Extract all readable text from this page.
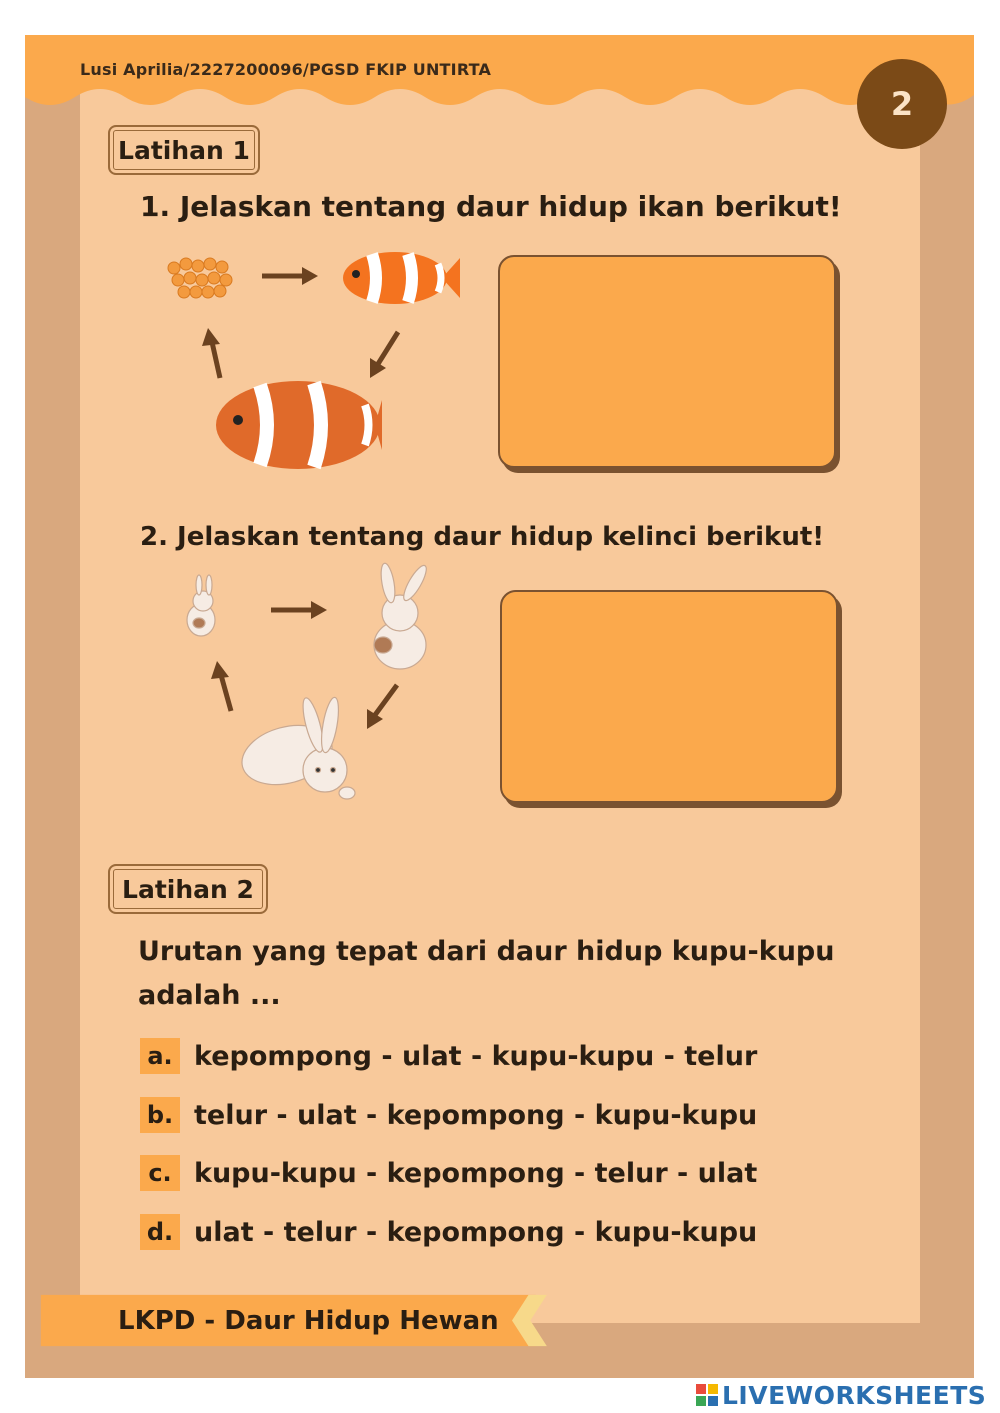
Lusi Aprilia/2227200096/PGSD FKIP UNTIRTA
2
Latihan 1
1. Jelaskan tentang daur hidup ikan berikut!
2. Jelaskan tentang daur hidup kelinci berikut!
Latihan 2
Urutan yang tepat dari daur hidup kupu-kupu
adalah ...
a. kepompong - ulat - kupu-kupu - telur
b. telur - ulat - kepompong - kupu-kupu
c. kupu-kupu - kepompong - telur - ulat
d. ulat - telur - kepompong - kupu-kupu
LKPD - Daur Hidup Hewan
LIVEWORKSHEETS
